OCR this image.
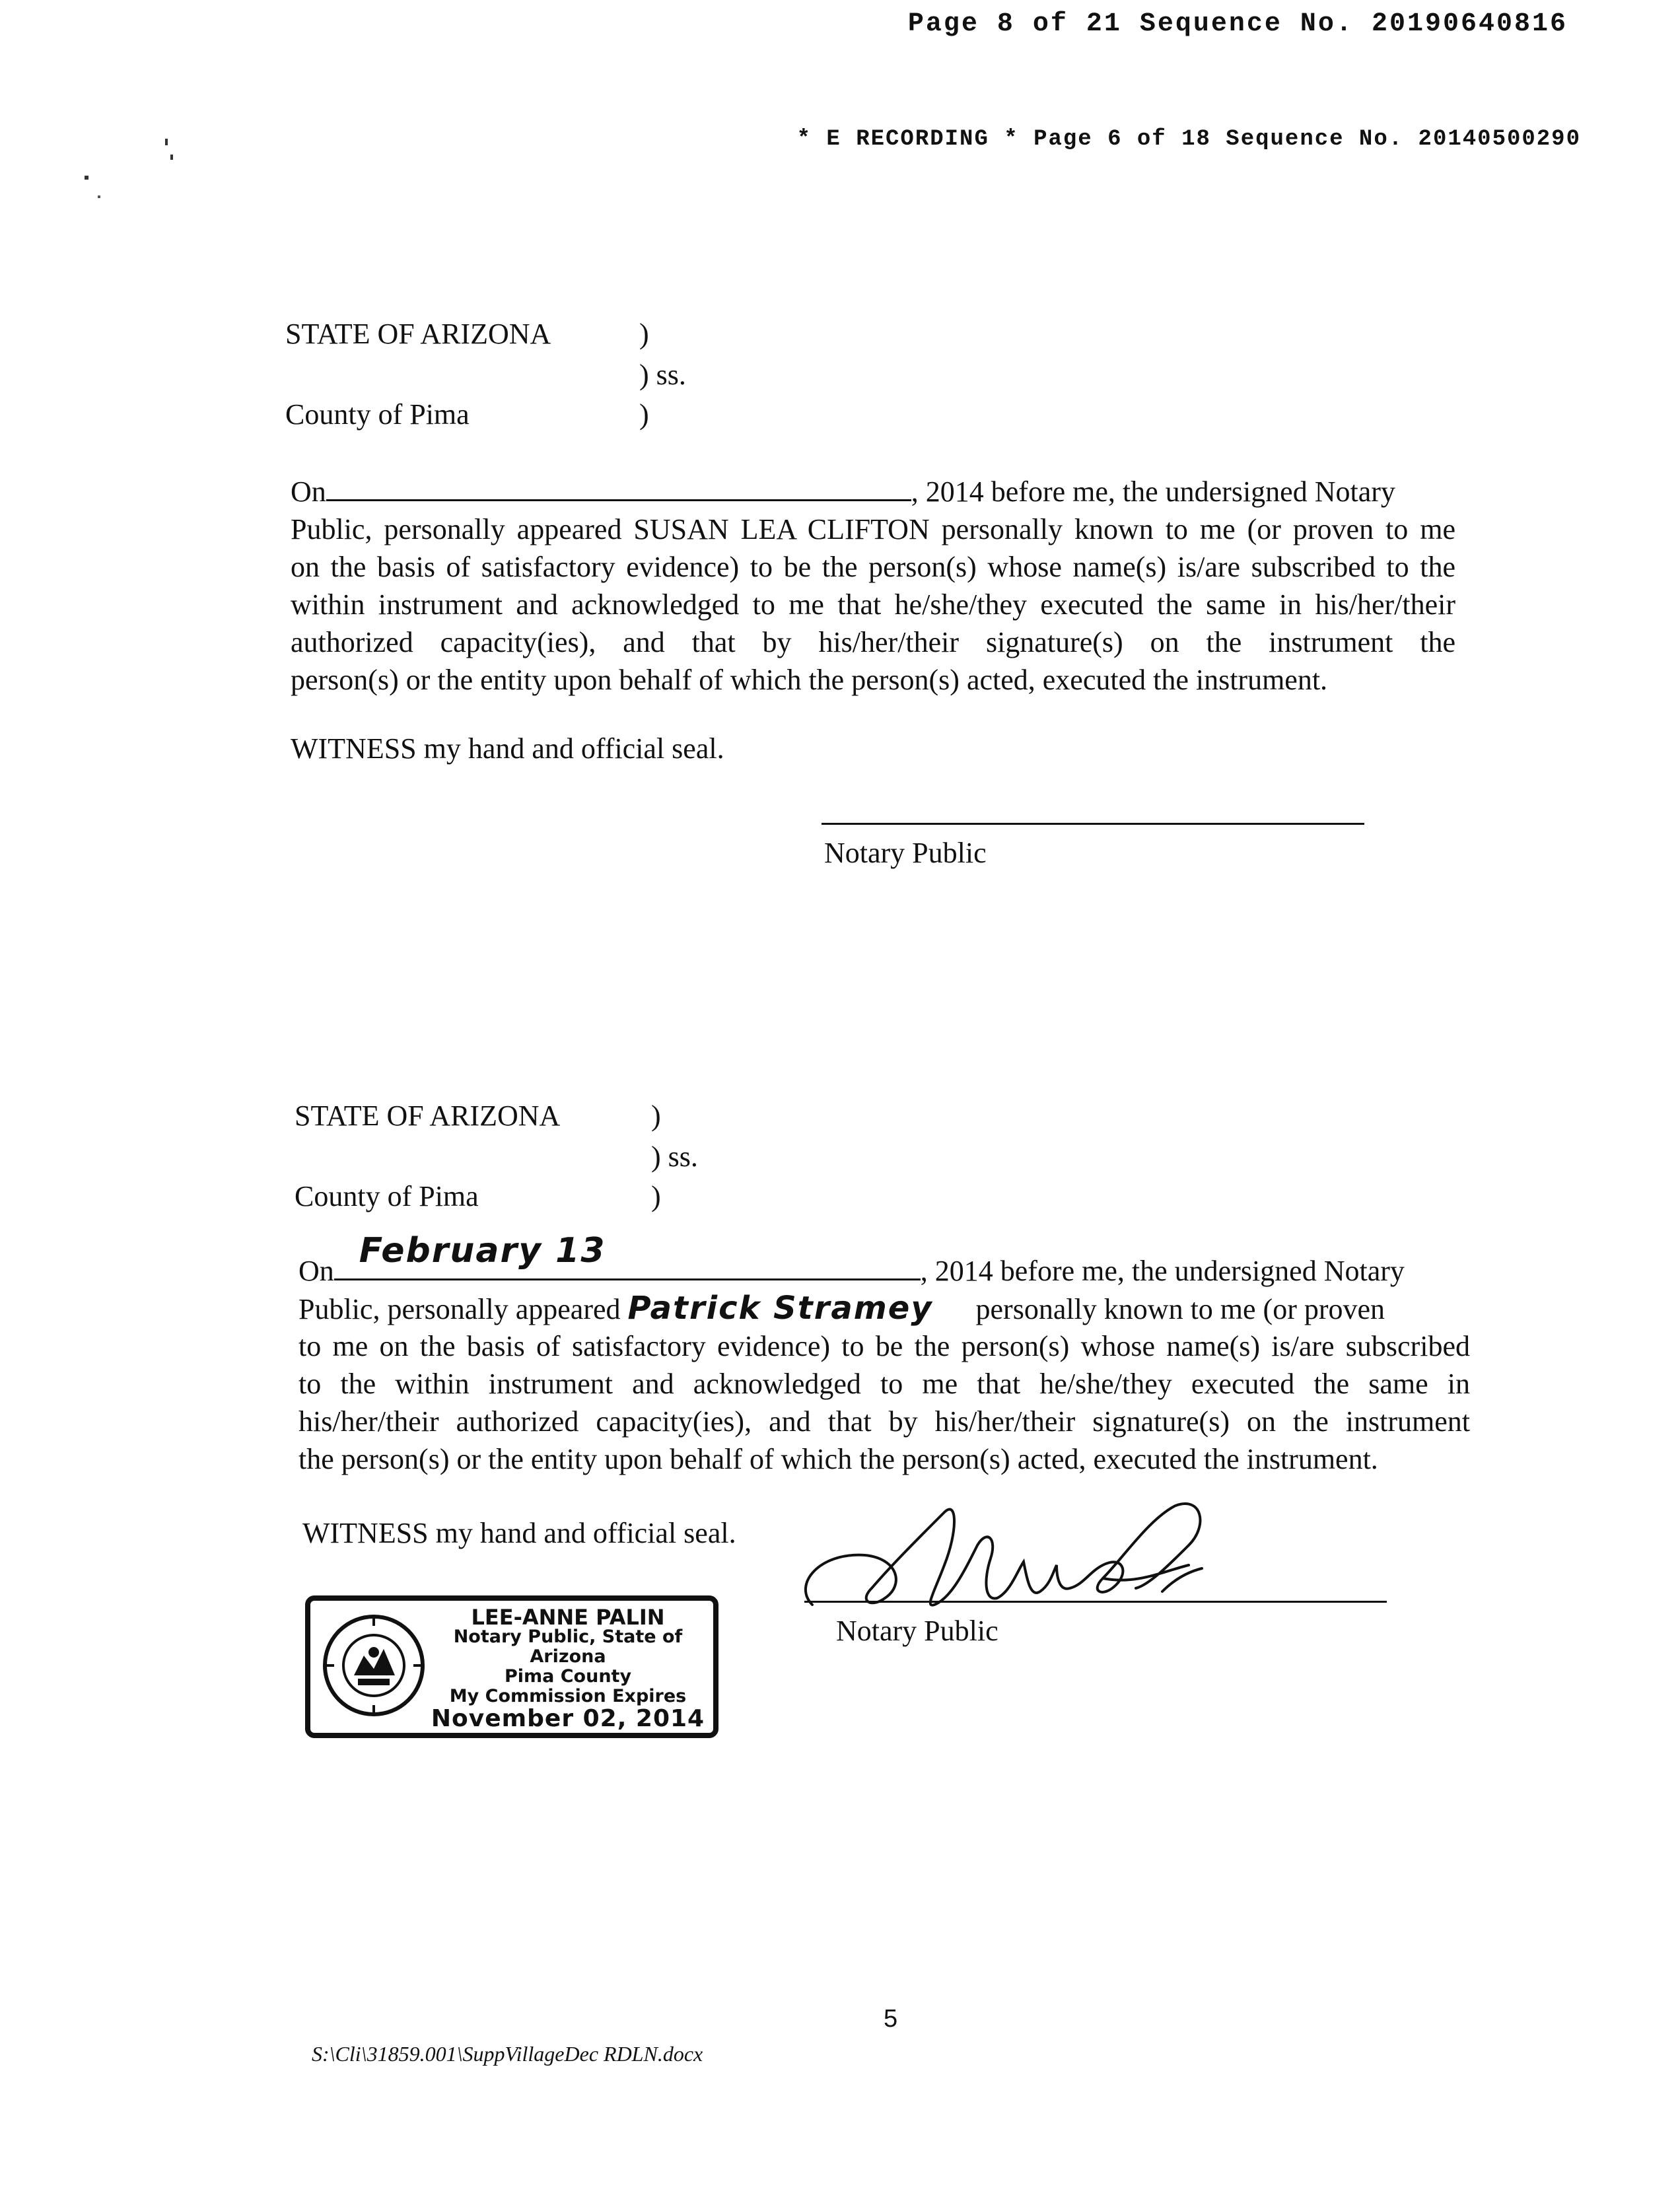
Page 8 of 21 Sequence No. 20190640816
* E RECORDING * Page 6 of 18 Sequence No. 20140500290
STATE OF ARIZONA	)
) ss.
County of Pima	)
On	, 2014 before me, the undersigned Notary
Public, personally appeared SUSAN LEA CLIFTON personally known to me (or proven to me
on the basis of satisfactory evidence) to be the person(s) whose name(s) is/are subscribed to the
within instrument and acknowledged to me that he/she/they executed the same in his/her/their
authorized capacity(ies), and that by his/her/their signature(s) on the instrument the
person(s) or the entity upon behalf of which the person(s) acted, executed the instrument.
WITNESS my hand and official seal.
Notary Public
STATE OF ARIZONA	)
) ss.
County of Pima	)
On
February 13
, 2014 before me, the undersigned Notary
Public, personally appeared Patrick Stramey personally known to me (or proven
to me on the basis of satisfactory evidence) to be the person(s) whose name(s) is/are subscribed
to the within instrument and acknowledged to me that he/she/they executed the same in
his/her/their authorized capacity(ies), and that by his/her/their signature(s) on the instrument
the person(s) or the entity upon behalf of which the person(s) acted, executed the instrument.
WITNESS my hand and official seal.
Notary Public
LEE-ANNE PALIN
Notary Public, State of Arizona
Pima County
My Commission Expires
November 02, 2014
5
S:\Cli\31859.001\SuppVillageDec RDLN.docx
